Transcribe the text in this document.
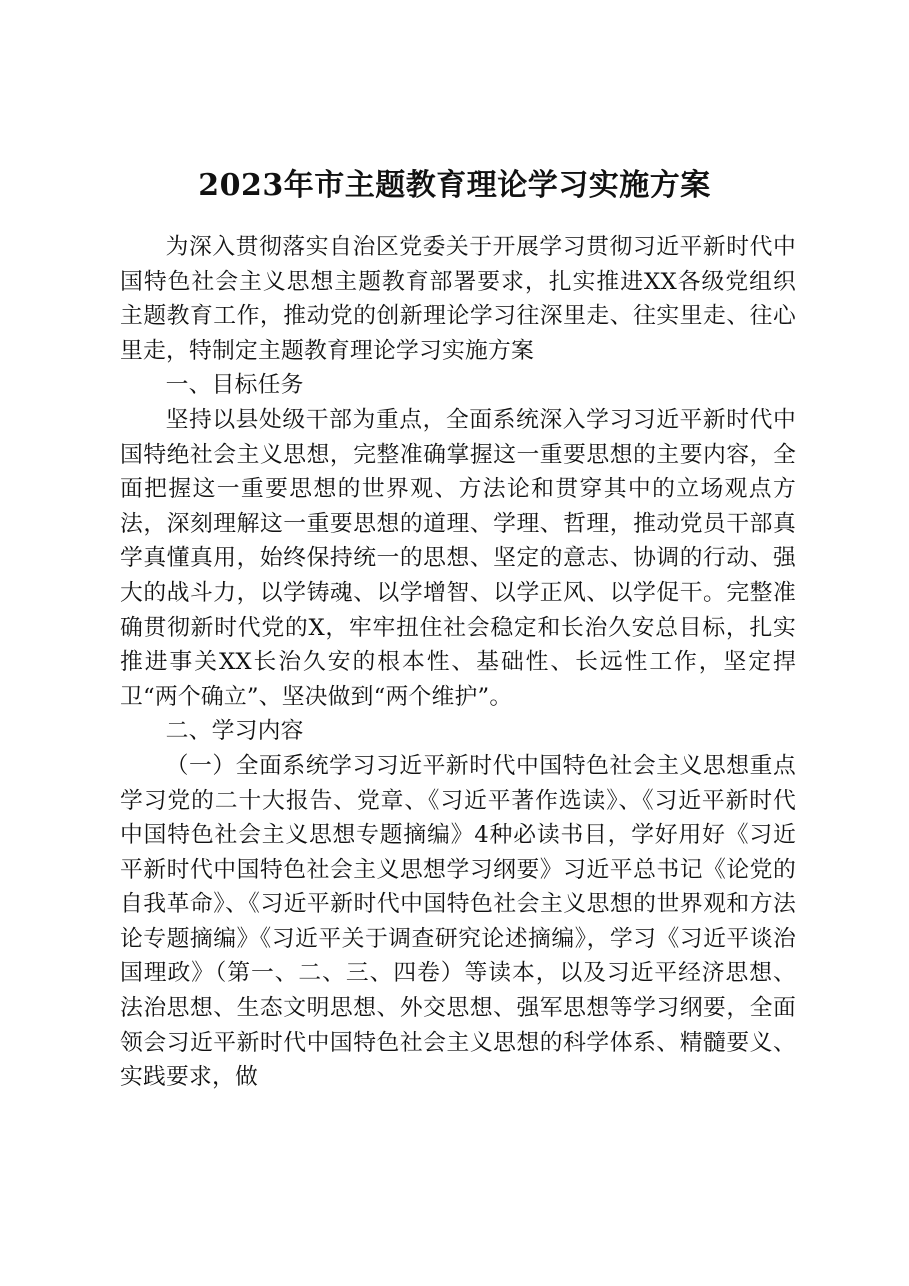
2023年市主题教育理论学习实施方案

为深入贯彻落实自治区党委关于开展学习贯彻习近平新时代中国特色社会主义思想主题教育部署要求，扎实推进XX各级党组织主题教育工作，推动党的创新理论学习往深里走、往实里走、往心里走，特制定主题教育理论学习实施方案

一、目标任务

坚持以县处级干部为重点，全面系统深入学习习近平新时代中国特绝社会主义思想，完整准确掌握这一重要思想的主要内容，全面把握这一重要思想的世界观、方法论和贯穿其中的立场观点方法，深刻理解这一重要思想的道理、学理、哲理，推动党员干部真学真懂真用，始终保持统一的思想、坚定的意志、协调的行动、强大的战斗力，以学铸魂、以学增智、以学正风、以学促干。完整准确贯彻新时代党的X，牢牢扭住社会稳定和长治久安总目标，扎实推进事关XX长治久安的根本性、基础性、长远性工作，坚定捍卫“两个确立”、坚决做到“两个维护”。

二、学习内容

（一）全面系统学习习近平新时代中国特色社会主义思想重点学习党的二十大报告、党章、《习近平著作选读》、《习近平新时代中国特色社会主义思想专题摘编》4种必读书目，学好用好《习近平新时代中国特色社会主义思想学习纲要》习近平总书记《论党的自我革命》、《习近平新时代中国特色社会主义思想的世界观和方法论专题摘编》《习近平关于调查研究论述摘编》，学习《习近平谈治国理政》（第一、二、三、四卷）等读本，以及习近平经济思想、法治思想、生态文明思想、外交思想、强军思想等学习纲要，全面领会习近平新时代中国特色社会主义思想的科学体系、精髓要义、实践要求，做
